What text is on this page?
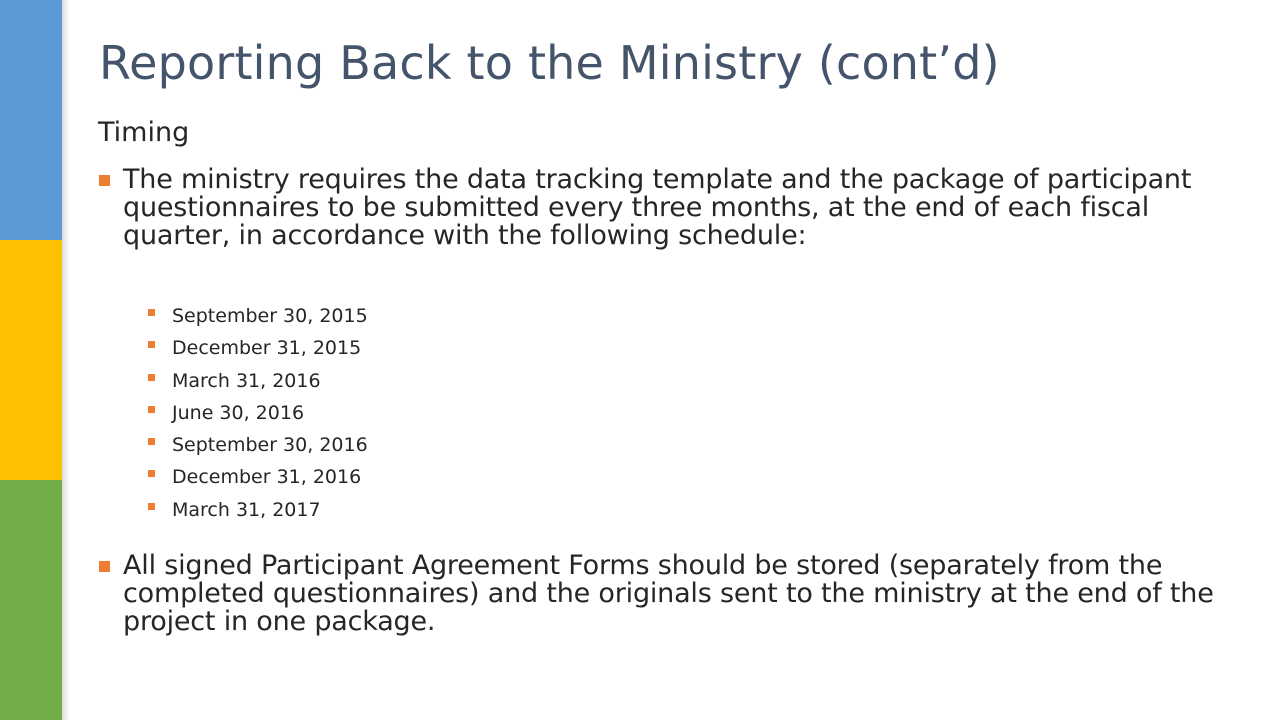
Reporting Back to the Ministry (cont’d)
Timing
The ministry requires the data tracking template and the package of participant questionnaires to be submitted every three months, at the end of each fiscal quarter, in accordance with the following schedule:
September 30, 2015
December 31, 2015
March 31, 2016
June 30, 2016
September 30, 2016
December 31, 2016
March 31, 2017
All signed Participant Agreement Forms should be stored (separately from the completed questionnaires) and the originals sent to the ministry at the end of the project in one package.
